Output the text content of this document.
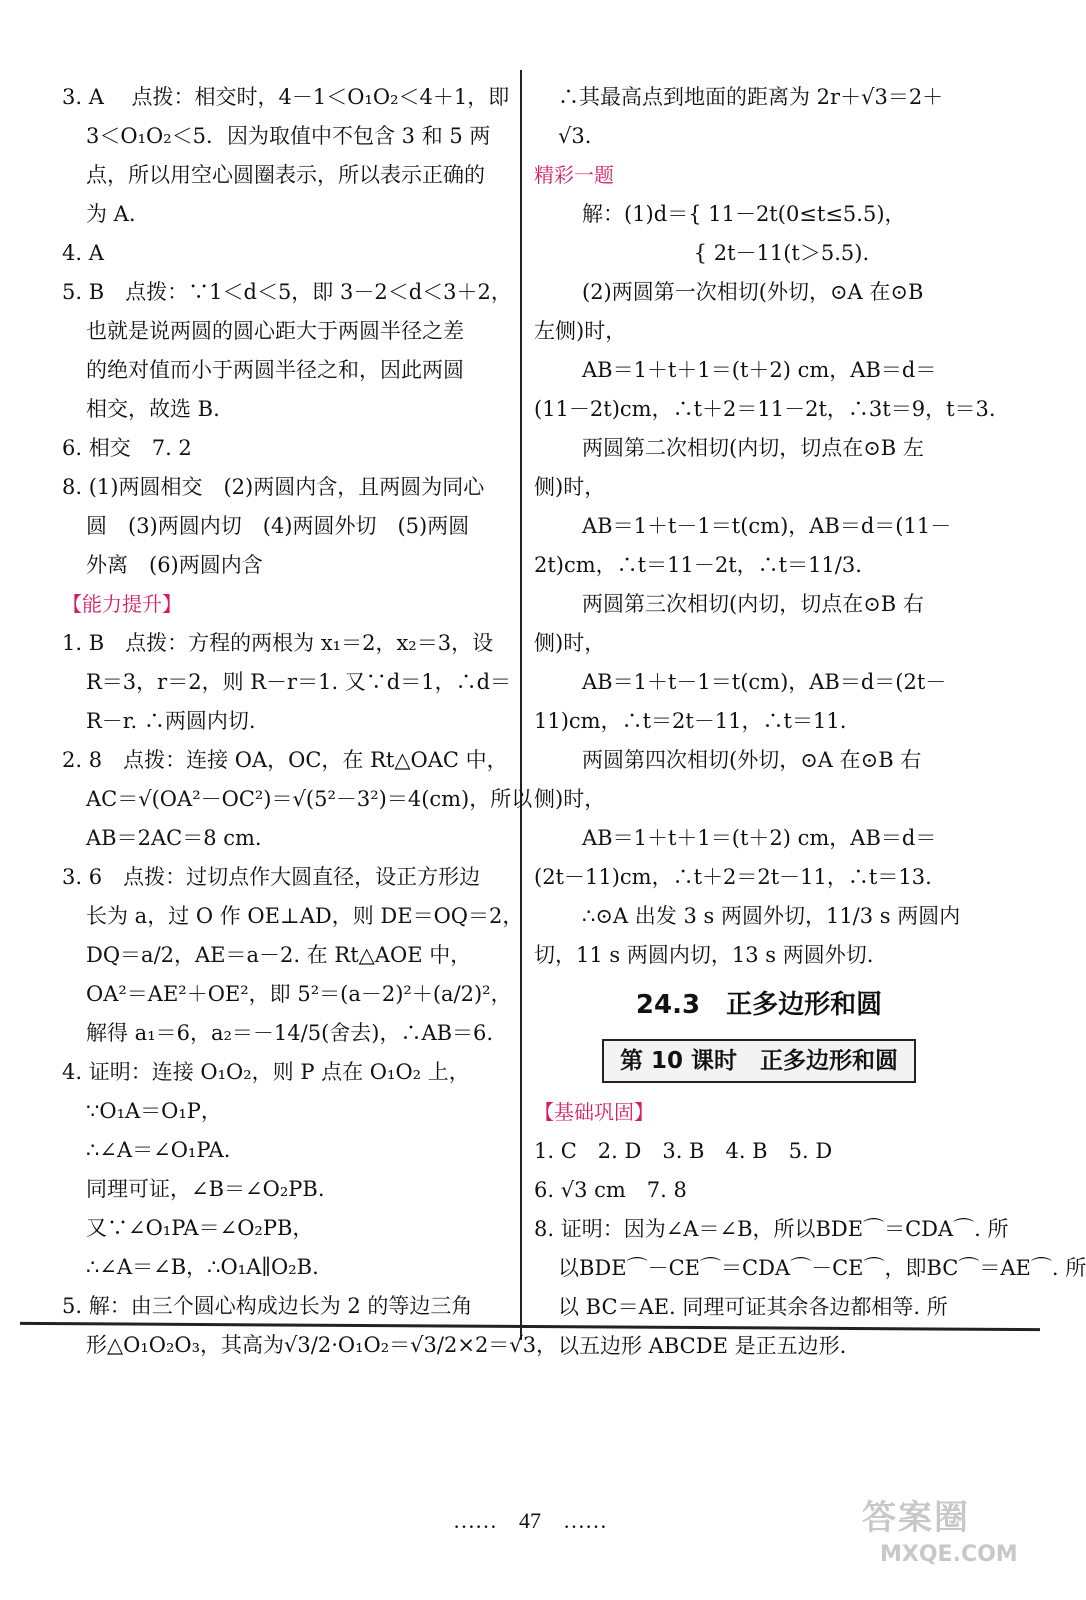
3. A　 点拨：相交时，4－1＜O₁O₂＜4＋1，即
3＜O₁O₂＜5．因为取值中不包含 3 和 5 两
点，所以用空心圆圈表示，所以表示正确的
为 A.
4. A
5. B　点拨：∵1＜d＜5，即 3－2＜d＜3＋2，
也就是说两圆的圆心距大于两圆半径之差
的绝对值而小于两圆半径之和，因此两圆
相交，故选 B.
6. 相交　7. 2
8. (1)两圆相交　(2)两圆内含，且两圆为同心
圆　(3)两圆内切　(4)两圆外切　(5)两圆
外离　(6)两圆内含
【能力提升】
1. B　点拨：方程的两根为 x₁＝2，x₂＝3，设
R＝3，r＝2，则 R－r＝1. 又∵d＝1，∴d＝
R－r. ∴两圆内切.
2. 8　点拨：连接 OA，OC，在 Rt△OAC 中，
AC＝√(OA²－OC²)＝√(5²－3²)＝4(cm)，所以
AB＝2AC＝8 cm.
3. 6　点拨：过切点作大圆直径，设正方形边
长为 a，过 O 作 OE⊥AD，则 DE＝OQ＝2，
DQ＝a/2，AE＝a－2. 在 Rt△AOE 中，
OA²＝AE²＋OE²，即 5²＝(a－2)²＋(a/2)²，
解得 a₁＝6，a₂＝－14/5(舍去)，∴AB＝6.
4. 证明：连接 O₁O₂，则 P 点在 O₁O₂ 上，
∵O₁A＝O₁P，
∴∠A＝∠O₁PA.
同理可证，∠B＝∠O₂PB.
又∵∠O₁PA＝∠O₂PB，
∴∠A＝∠B，∴O₁A∥O₂B.
5. 解：由三个圆心构成边长为 2 的等边三角
形△O₁O₂O₃，其高为√3/2·O₁O₂＝√3/2×2＝√3，
∴其最高点到地面的距离为 2r＋√3＝2＋
√3.
精彩一题
解：(1)d＝{ 11－2t(0≤t≤5.5)，
　　　　　 { 2t－11(t＞5.5).
(2)两圆第一次相切(外切，⊙A 在⊙B
左侧)时，
AB＝1＋t＋1＝(t＋2) cm，AB＝d＝
(11－2t)cm，∴t＋2＝11－2t，∴3t＝9，t＝3.
两圆第二次相切(内切，切点在⊙B 左
侧)时，
AB＝1＋t－1＝t(cm)，AB＝d＝(11－
2t)cm，∴t＝11－2t，∴t＝11/3.
两圆第三次相切(内切，切点在⊙B 右
侧)时，
AB＝1＋t－1＝t(cm)，AB＝d＝(2t－
11)cm，∴t＝2t－11，∴t＝11.
两圆第四次相切(外切，⊙A 在⊙B 右
侧)时，
AB＝1＋t＋1＝(t＋2) cm，AB＝d＝
(2t－11)cm，∴t＋2＝2t－11，∴t＝13.
∴⊙A 出发 3 s 两圆外切，11/3 s 两圆内
切，11 s 两圆内切，13 s 两圆外切.
24.3　正多边形和圆
第 10 课时　正多边形和圆
【基础巩固】
1. C　2. D　3. B　4. B　5. D
6. √3 cm　7. 8
8. 证明：因为∠A＝∠B，所以BDE⌒＝CDA⌒. 所
以BDE⌒－CE⌒＝CDA⌒－CE⌒，即BC⌒＝AE⌒. 所
以 BC＝AE. 同理可证其余各边都相等. 所
以五边形 ABCDE 是正五边形.
……　47　……	答案圈
MXQE.COM
